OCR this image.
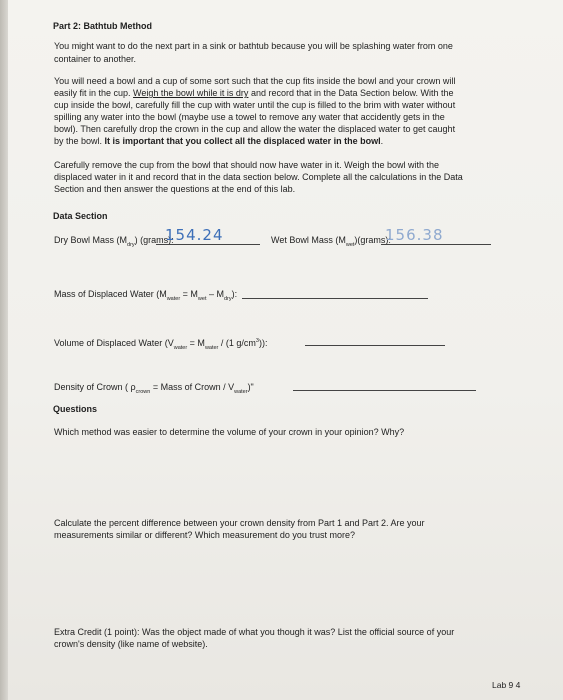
Part 2: Bathtub Method
You might want to do the next part in a sink or bathtub because you will be splashing water from one
container to another.
You will need a bowl and a cup of some sort such that the cup fits inside the bowl and your crown will
easily fit in the cup. Weigh the bowl while it is dry and record that in the Data Section below. With the
cup inside the bowl, carefully fill the cup with water until the cup is filled to the brim with water without
spilling any water into the bowl (maybe use a towel to remove any water that accidently gets in the
bowl). Then carefully drop the crown in the cup and allow the water the displaced water to get caught
by the bowl. It is important that you collect all the displaced water in the bowl.
Carefully remove the cup from the bowl that should now have water in it. Weigh the bowl with the
displaced water in it and record that in the data section below. Complete all the calculations in the Data
Section and then answer the questions at the end of this lab.
Data Section
Dry Bowl Mass $(M_{dry})$ (grams):
154.24	Wet Bowl Mass $(M_{wet})(grams)$:
156.38
Mass of Displaced Water $(M_{water} = M_{wet} - M_{dry})$:
Volume of Displaced Water ($V_{water} = M_{water} / (1$ $g/cm^3$)):
Density of Crown ( $\rho_{crown}$ = Mass of Crown / $V_{water}$)"
Questions
Which method was easier to determine the volume of your crown in your opinion? Why?
Calculate the percent difference between your crown density from Part 1 and Part 2. Are your
measurements similar or different? Which measurement do you trust more?
Extra Credit (1 point): Was the object made of what you though it was? List the official source of your
crown's density (like name of website).
Lab 9 4
